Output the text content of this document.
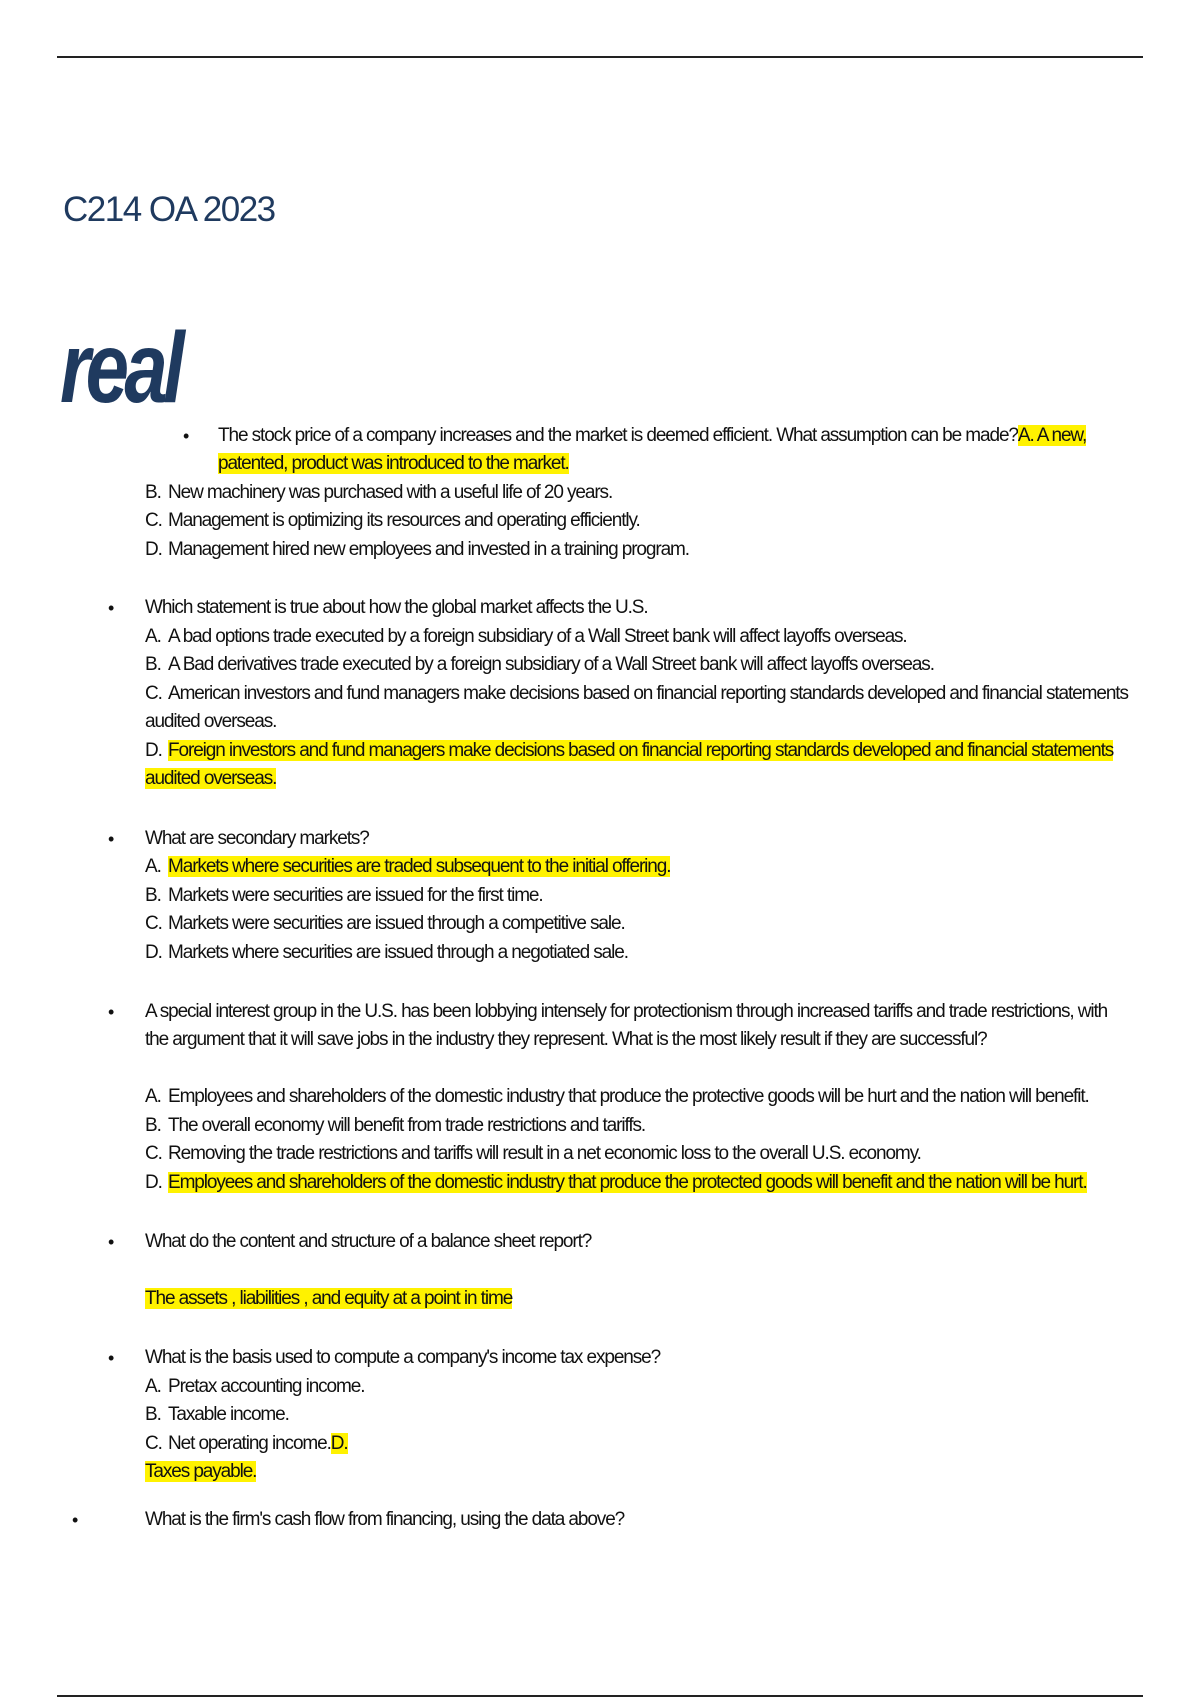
C214 OA 2023
real
• The stock price of a company increases and the market is deemed efficient. What assumption can be made?A. A new,
patented, product was introduced to the market.
B. New machinery was purchased with a useful life of 20 years.
C. Management is optimizing its resources and operating efficiently.
D. Management hired new employees and invested in a training program.
• Which statement is true about how the global market affects the U.S.
A. A bad options trade executed by a foreign subsidiary of a Wall Street bank will affect layoffs overseas.
B. A Bad derivatives trade executed by a foreign subsidiary of a Wall Street bank will affect layoffs overseas.
C. American investors and fund managers make decisions based on financial reporting standards developed and financial statements
audited overseas.
D. Foreign investors and fund managers make decisions based on financial reporting standards developed and financial statements
audited overseas.
• What are secondary markets?
A. Markets where securities are traded subsequent to the initial offering.
B. Markets were securities are issued for the first time.
C. Markets were securities are issued through a competitive sale.
D. Markets where securities are issued through a negotiated sale.
• A special interest group in the U.S. has been lobbying intensely for protectionism through increased tariffs and trade restrictions, with
the argument that it will save jobs in the industry they represent. What is the most likely result if they are successful?
A. Employees and shareholders of the domestic industry that produce the protective goods will be hurt and the nation will benefit.
B. The overall economy will benefit from trade restrictions and tariffs.
C. Removing the trade restrictions and tariffs will result in a net economic loss to the overall U.S. economy.
D. Employees and shareholders of the domestic industry that produce the protected goods will benefit and the nation will be hurt.
• What do the content and structure of a balance sheet report?
The assets , liabilities , and equity at a point in time
• What is the basis used to compute a company's income tax expense?
A. Pretax accounting income.
B. Taxable income.
C. Net operating income.D.
Taxes payable.
•	What is the firm's cash flow from financing, using the data above?
